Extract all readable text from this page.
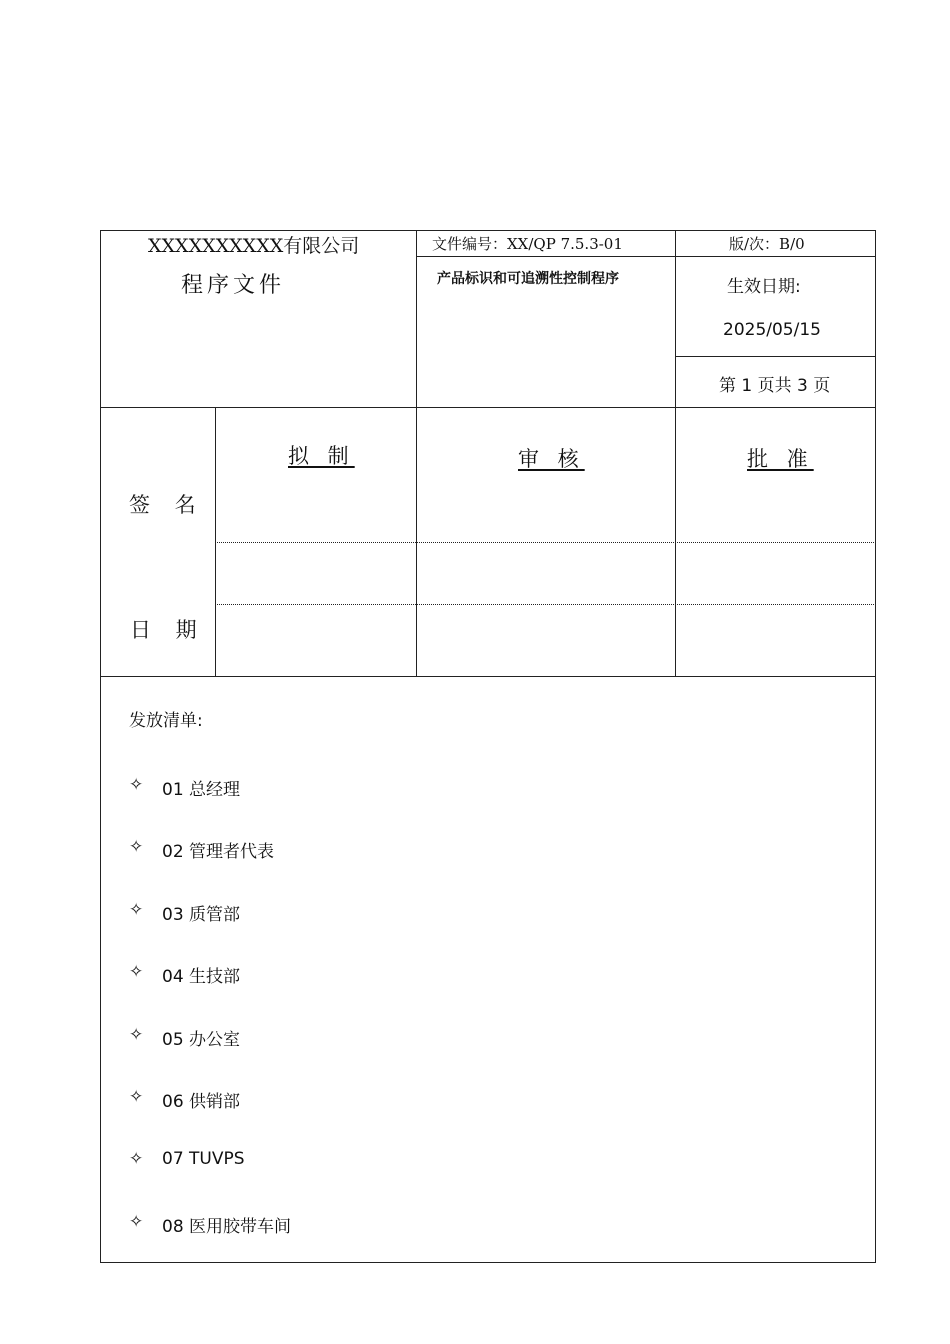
XXXXXXXXXX有限公司
程序文件
文件编号：XX/QP 7.5.3-01	版/次：B/0
产品标识和可追溯性控制程序	生效日期:
2025/05/15
第 1 页共 3 页
拟 制	审 核	批 准
签 名
日 期
发放清单:
✧	01 总经理
✧	02 管理者代表
✧	03 质管部
✧	04 生技部
✧	05 办公室
✧	06 供销部
✧	07 TUVPS
✧	08 医用胶带车间
